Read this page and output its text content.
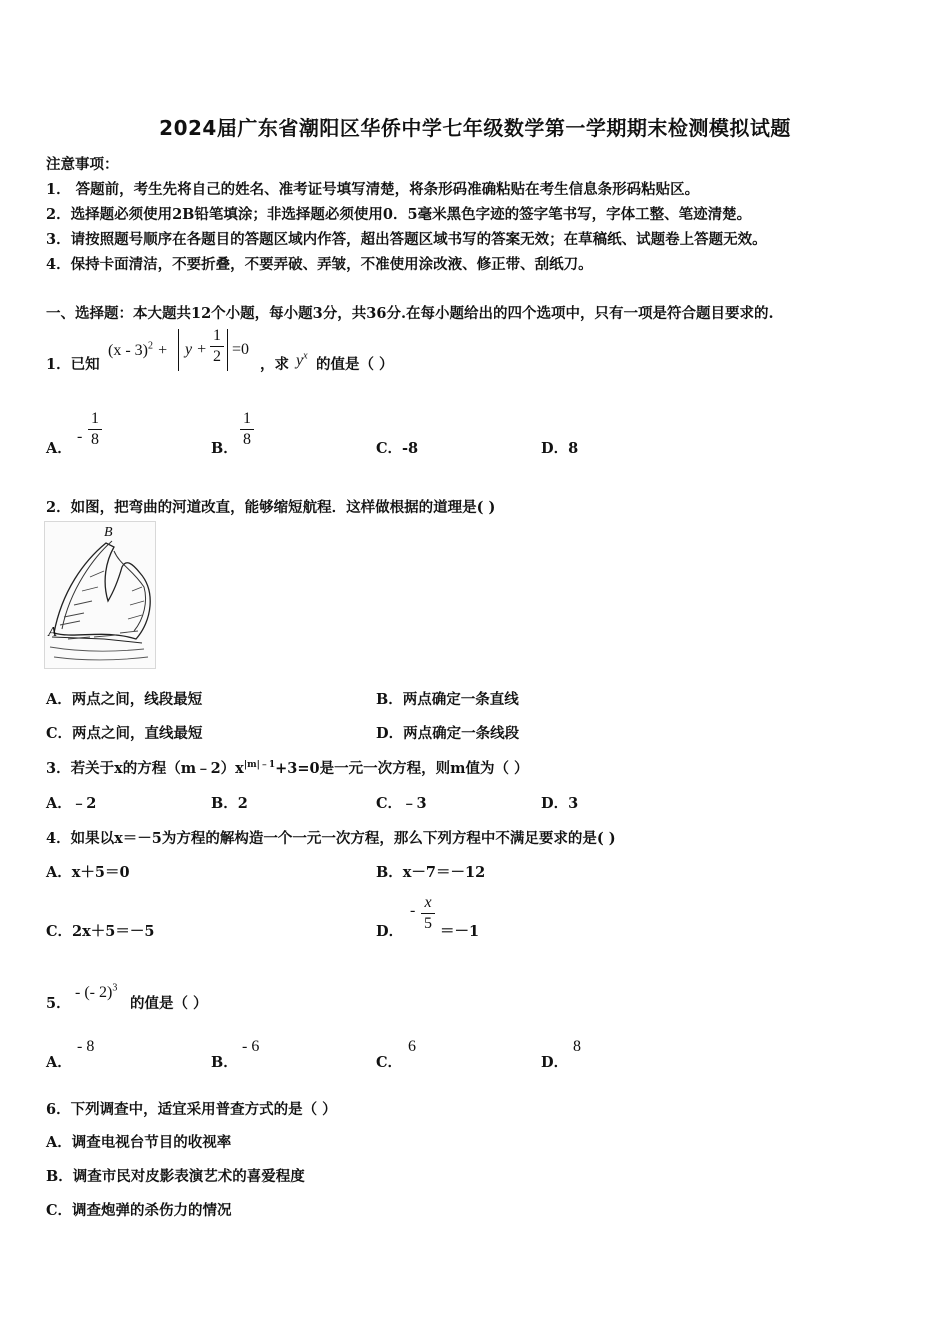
2024届广东省潮阳区华侨中学七年级数学第一学期期末检测模拟试题
注意事项：
1． 答题前，考生先将自己的姓名、准考证号填写清楚，将条形码准确粘贴在考生信息条形码粘贴区。
2．选择题必须使用2B铅笔填涂；非选择题必须使用0．5毫米黑色字迹的签字笔书写，字体工整、笔迹清楚。
3．请按照题号顺序在各题目的答题区域内作答，超出答题区域书写的答案无效；在草稿纸、试题卷上答题无效。
4．保持卡面清洁，不要折叠，不要弄破、弄皱，不准使用涂改液、修正带、刮纸刀。
一、选择题：本大题共12个小题，每小题3分，共36分.在每小题给出的四个选项中，只有一项是符合题目要求的.
1．已知
(x - 3)$^2$ + y +
1
2 =0
，求 $y^x$ 的值是（ ）
A．
-
1
8
B．
1
8
C．-8	D．8
2．如图，把弯曲的河道改直，能够缩短航程．这样做根据的道理是( )
B
A
A．两点之间，线段最短	B．两点确定一条直线
C．两点之间，直线最短	D．两点确定一条线段
3．若关于x的方程$(m﹣2)x^{|m|﹣1}+3=0$是一元一次方程，则m值为（ ）
A．﹣2	B．2	C．﹣3	D．3
4．如果以x＝－5为方程的解构造一个一元一次方程，那么下列方程中不满足要求的是( )
A．x＋5＝0	B．x－7＝－12
C．2x＋5＝－5	D．
- x
5 ＝－1
5．
- (- 2)$^3$
的值是（ ）
A．
- 8
B．
- 6
C．
6
D．
8
6．下列调查中，适宜采用普查方式的是（ ）
A．调查电视台节目的收视率
B．调查市民对皮影表演艺术的喜爱程度
C．调查炮弹的杀伤力的情况
